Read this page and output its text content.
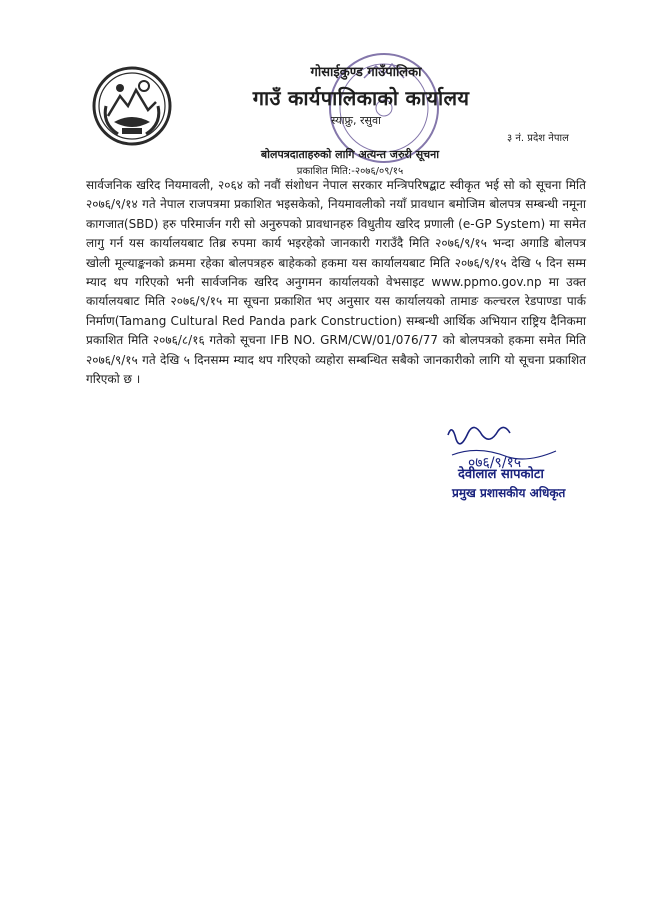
गोसाईकुण्ड गाउँपालिका
गाउँ कार्यपालिकाको कार्यालय
स्याफ्रु, रसुवा
३ नं. प्रदेश नेपाल
बोलपत्रदाताहरुको लागि अत्यन्त जरुरी सूचना
प्रकाशित मिति:-२०७६/०९/१५
सार्वजनिक खरिद नियमावली, २०६४ को नवौं संशोधन नेपाल सरकार मन्त्रिपरिषद्बाट स्वीकृत भई सो को सूचना मिति २०७६/९/१४ गते नेपाल राजपत्रमा प्रकाशित भइसकेको, नियमावलीको नयाँ प्रावधान बमोजिम बोलपत्र सम्बन्धी नमूना कागजात(SBD) हरु परिमार्जन गरी सो अनुरुपको प्रावधानहरु विधुतीय खरिद प्रणाली (e-GP System) मा समेत लागु गर्न यस कार्यालयबाट तिब्र रुपमा कार्य भइरहेको जानकारी गराउँदै मिति २०७६/९/१५ भन्दा अगाडि बोलपत्र खोली मूल्याङ्कनको क्रममा रहेका बोलपत्रहरु बाहेकको हकमा यस कार्यालयबाट मिति २०७६/९/१५ देखि ५ दिन सम्म म्याद थप गरिएको भनी सार्वजनिक खरिद अनुगमन कार्यालयको वेभसाइट www.ppmo.gov.np मा उक्त कार्यालयबाट मिति २०७६/९/१५ मा सूचना प्रकाशित भए अनुसार यस कार्यालयको तामाङ कल्चरल रेडपाण्डा पार्क निर्माण(Tamang Cultural Red Panda park Construction) सम्बन्धी आर्थिक अभियान राष्ट्रिय दैनिकमा प्रकाशित मिति २०७६/८/१६ गतेको सूचना IFB NO. GRM/CW/01/076/77 को बोलपत्रको हकमा समेत मिति २०७६/९/१५ गते देखि ५ दिनसम्म म्याद थप गरिएको व्यहोरा सम्बन्धित सबैको जानकारीको लागि यो सूचना प्रकाशित गरिएको छ ।
०७६/९/१५
देवीलाल सापकोटा
प्रमुख प्रशासकीय अधिकृत
